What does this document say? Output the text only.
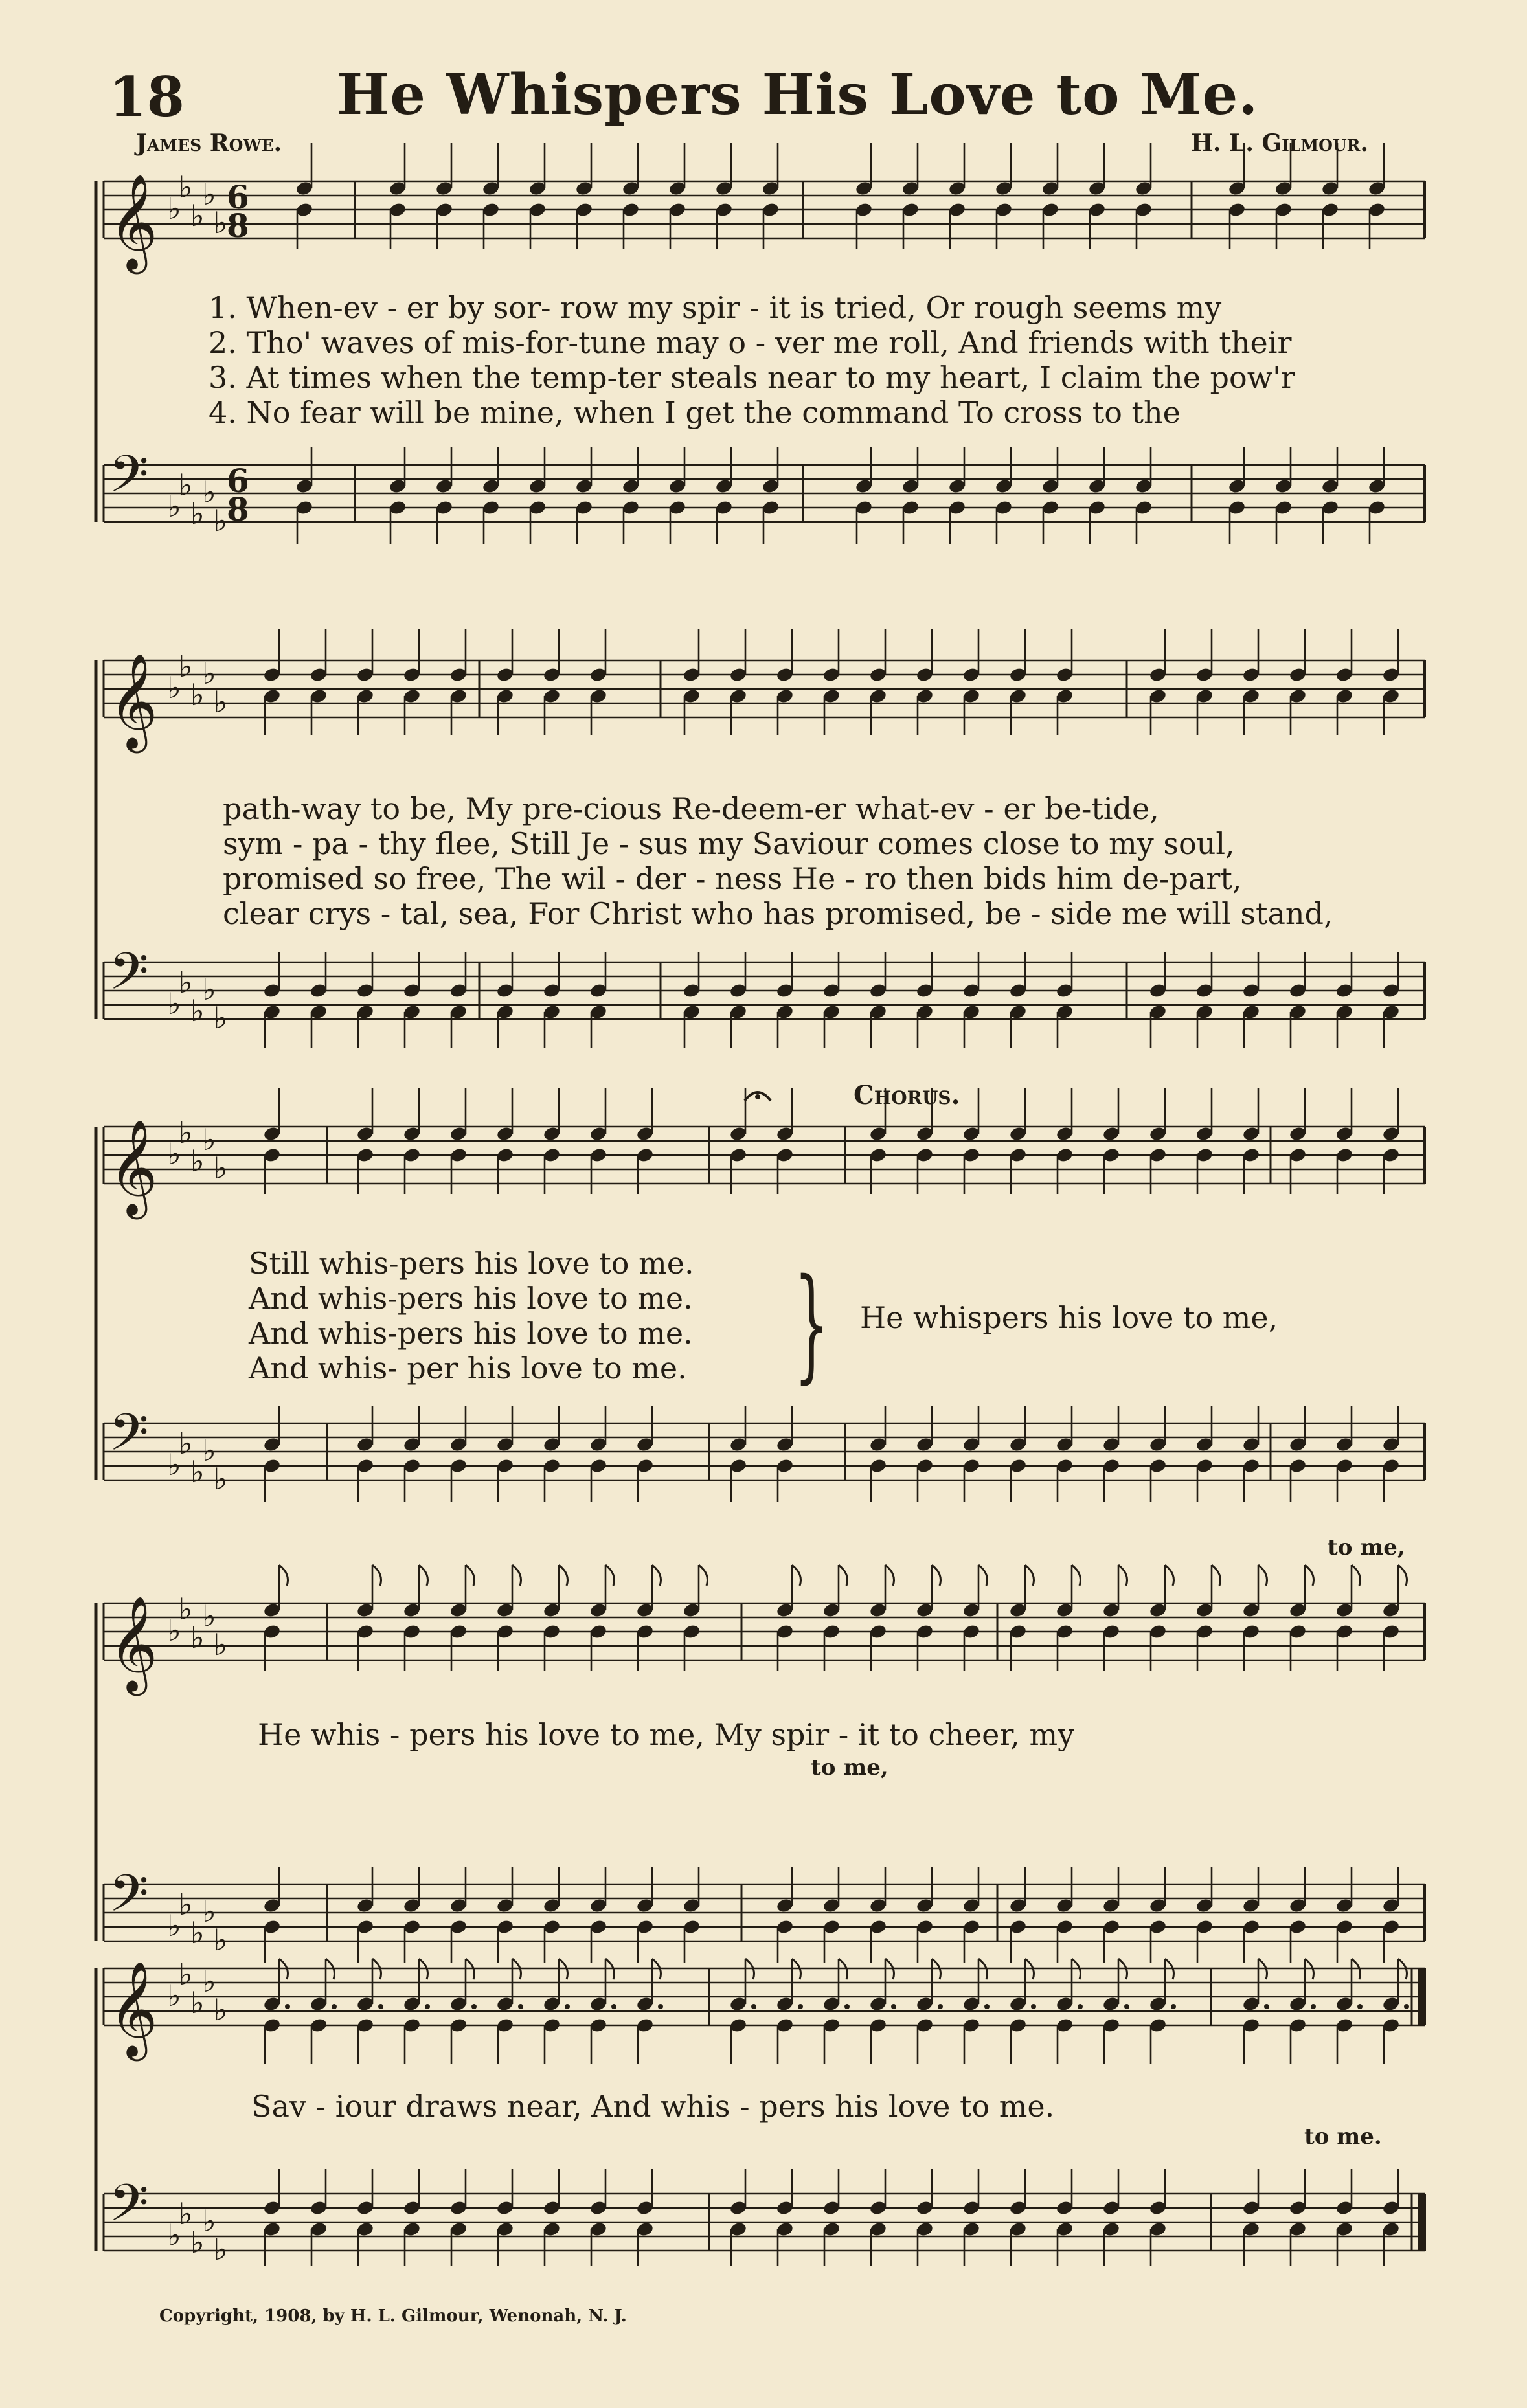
18	He Whispers His Love to Me.
James Rowe.	H. L. Gilmour.
𝄞 ♭
♭
♭
♭
♭
𝄢 ♭
♭
♭
♭
♭
𝄞 ♭
♭
♭
♭
♭
𝄢 ♭
♭
♭
♭
♭
𝄞 ♭
♭
♭
♭
♭
𝄢 ♭
♭
♭
♭
♭
𝄞 ♭
♭
♭
♭
♭
𝄢 ♭
♭
♭
♭
♭
𝄞 ♭
♭
♭
♭
♭
𝄢 ♭
♭
♭
♭
♭
6
8
6
8
1. When-ev - er by sor- row my spir - it is tried, Or rough seems my
2. Tho' waves of mis-for-tune may o - ver me roll, And friends with their
3. At times when the temp-ter steals near to my heart, I claim the pow'r
4. No fear will be mine, when I get the command To cross to the
path-way to be, My pre-cious Re-deem-er what-ev - er be-tide,
sym - pa - thy flee, Still Je - sus my Saviour comes close to my soul,
promised so free, The wil - der - ness He - ro then bids him de-part,
clear crys - tal, sea, For Christ who has promised, be - side me will stand,
Chorus.
Still whis-pers his love to me.
And whis-pers his love to me.
And whis-pers his love to me.
And whis- per his love to me. } He whispers his love to me,
to me,
He whis - pers his love to me, My spir - it to cheer, my
to me,
Sav - iour draws near, And whis - pers his love to me.
to me.
Copyright, 1908, by H. L. Gilmour, Wenonah, N. J.
